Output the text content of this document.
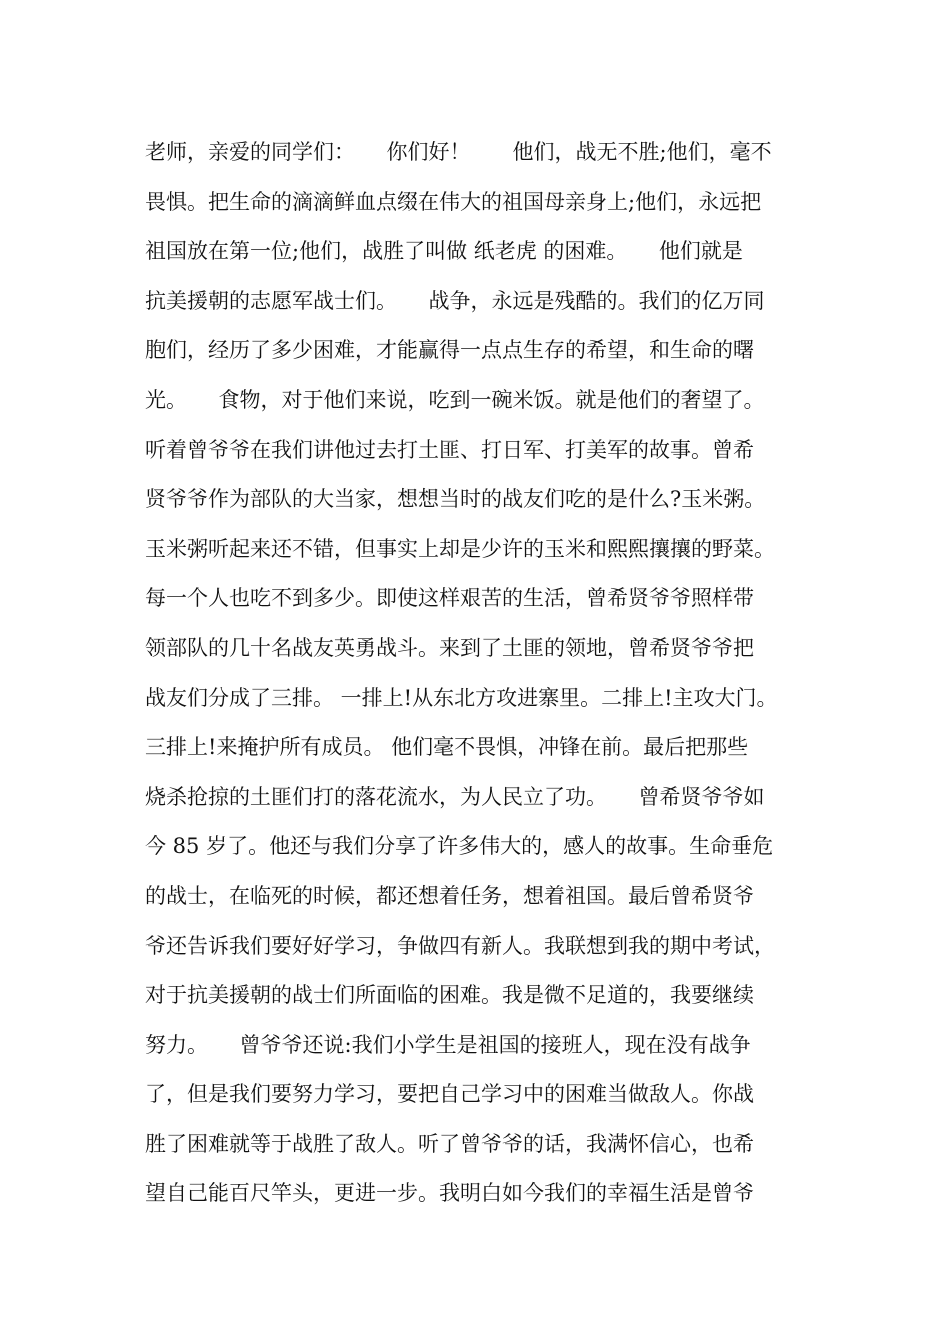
老师，亲爱的同学们：　　你们好！　　他们，战无不胜;他们，毫不
畏惧。把生命的滴滴鲜血点缀在伟大的祖国母亲身上;他们，永远把
祖国放在第一位;他们，战胜了叫做 纸老虎 的困难。　　他们就是
抗美援朝的志愿军战士们。　　战争，永远是残酷的。我们的亿万同
胞们，经历了多少困难，才能赢得一点点生存的希望，和生命的曙
光。　　食物，对于他们来说，吃到一碗米饭。就是他们的奢望了。
听着曾爷爷在我们讲他过去打土匪、打日军、打美军的故事。曾希
贤爷爷作为部队的大当家，想想当时的战友们吃的是什么?玉米粥。
玉米粥听起来还不错，但事实上却是少许的玉米和熙熙攘攘的野菜。
每一个人也吃不到多少。即使这样艰苦的生活，曾希贤爷爷照样带
领部队的几十名战友英勇战斗。来到了土匪的领地，曾希贤爷爷把
战友们分成了三排。 一排上!从东北方攻进寨里。二排上!主攻大门。
三排上!来掩护所有成员。 他们毫不畏惧，冲锋在前。最后把那些
烧杀抢掠的土匪们打的落花流水，为人民立了功。　　曾希贤爷爷如
今 85 岁了。他还与我们分享了许多伟大的，感人的故事。生命垂危
的战士，在临死的时候，都还想着任务，想着祖国。最后曾希贤爷
爷还告诉我们要好好学习，争做四有新人。我联想到我的期中考试，
对于抗美援朝的战士们所面临的困难。我是微不足道的，我要继续
努力。　　曾爷爷还说:我们小学生是祖国的接班人，现在没有战争
了，但是我们要努力学习，要把自己学习中的困难当做敌人。你战
胜了困难就等于战胜了敌人。听了曾爷爷的话，我满怀信心，也希
望自己能百尺竿头，更进一步。我明白如今我们的幸福生活是曾爷
